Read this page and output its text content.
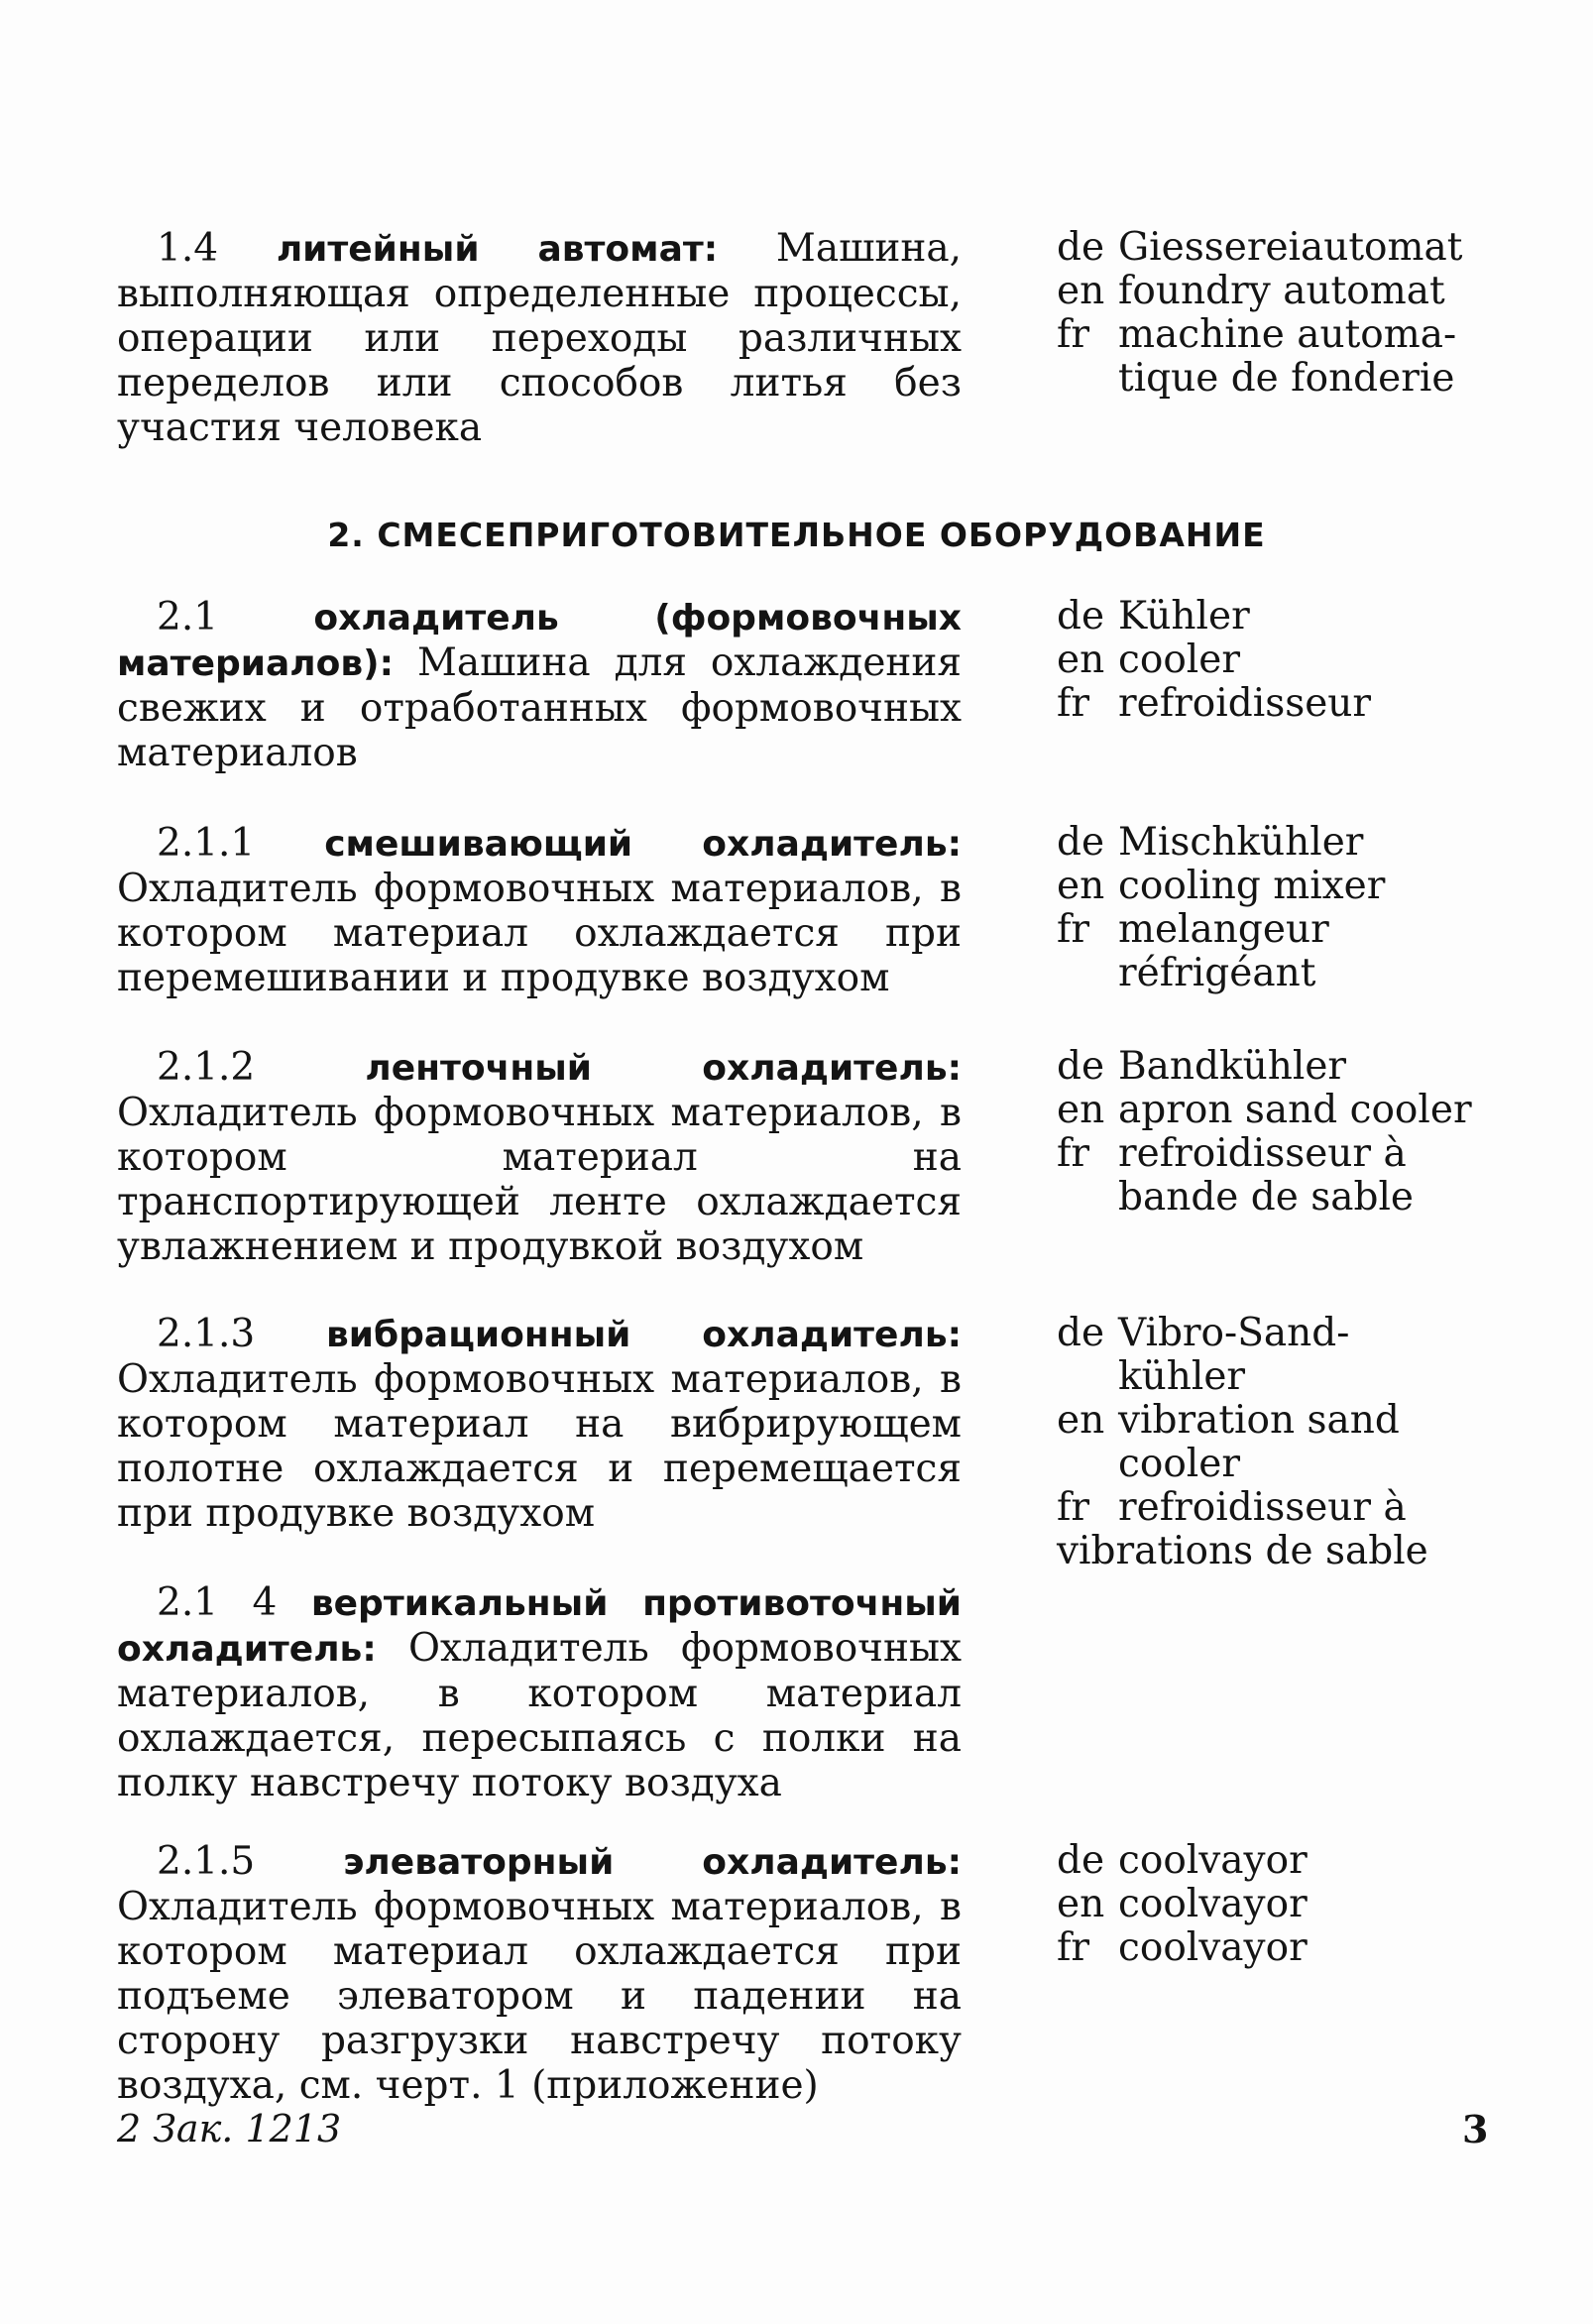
1.4 литейный автомат: Машина, выполняющая определенные процессы, операции или переходы различных переделов или способов литья без участия человека
de Giessereiautomat
en foundry automat
fr machine automa-
tique de fonderie
2. СМЕСЕПРИГОТОВИТЕЛЬНОЕ ОБОРУДОВАНИЕ
2.1	охладитель (формовочных материалов): Машина для охлаждения свежих и отработанных формовочных материалов
de Kühler
en cooler
fr refroidisseur
2.1.1 смешивающий охладитель: Охладитель формовочных материалов, в котором материал охлаждается при перемешивании и продувке воздухом
de Mischkühler
en cooling mixer
fr melangeur
réfrigéant
2.1.2	ленточный охладитель: Охладитель формовочных материалов, в котором материал на транспортирующей ленте охлаждается увлажнением и продувкой воздухом
de Bandkühler
en apron sand cooler
fr refroidisseur à
bande de sable
2.1.3 вибрационный охладитель: Охладитель формовочных материалов, в котором материал на вибрирующем полотне охлаждается и перемещается при продувке воздухом
de Vibro-Sand-
kühler
en vibration sand
cooler
fr refroidisseur à
vibrations de sable
2.1 4 вертикальный противоточный охладитель: Охладитель формовочных материалов, в котором материал охлаждается, пересыпаясь с полки на полку навстречу потоку воздуха
2.1.5 элеваторный охладитель: Охладитель формовочных материалов, в котором материал охлаждается при подъеме элеватором и падении на сторону разгрузки навстречу потоку воздуха, см. черт. 1 (приложение)
de coolvayor
en coolvayor
fr coolvayor
2 Зак. 1213	3
